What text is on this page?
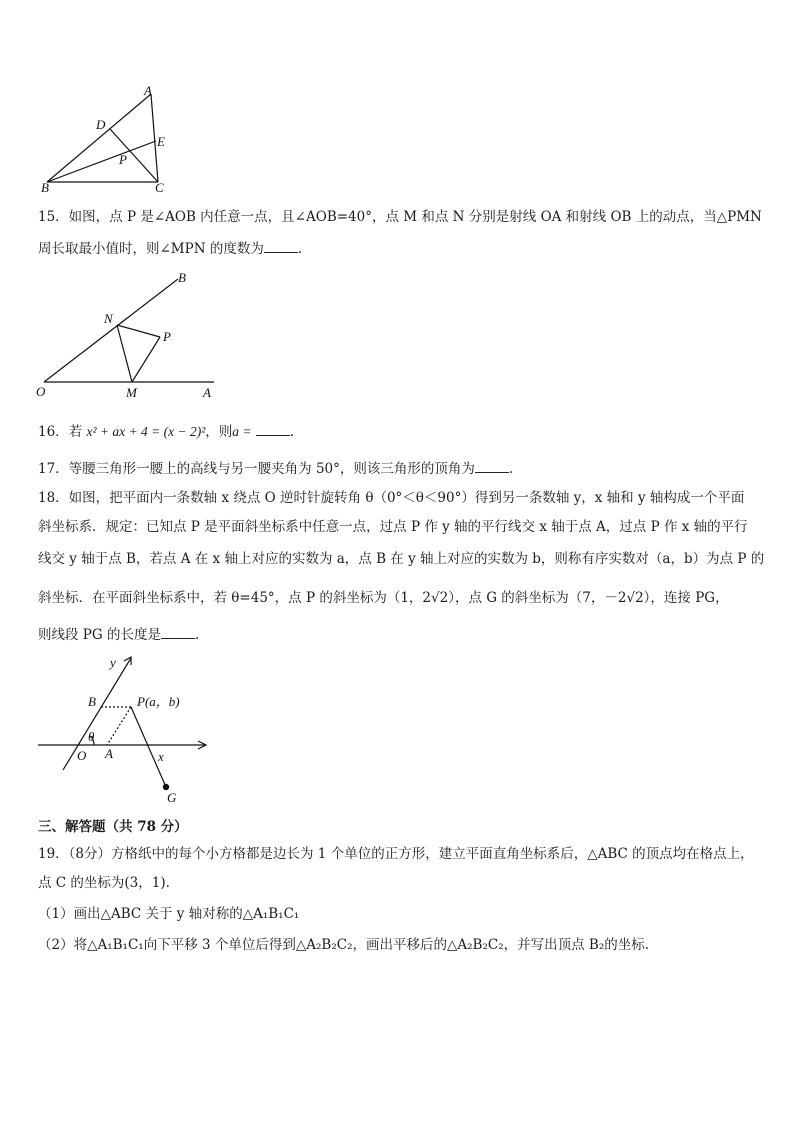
A
D
E
P
B	C
15．如图，点 P 是∠AOB 内任意一点，且∠AOB=40°，点 M 和点 N 分别是射线 OA 和射线 OB 上的动点，当△PMN
周长取最小值时，则∠MPN 的度数为	.
B
N
P
O	M	A
16．若 x² + ax + 4 = (x − 2)²，则a =	.
17．等腰三角形一腰上的高线与另一腰夹角为 50°，则该三角形的顶角为	.
18．如图，把平面内一条数轴 x 绕点 O 逆时针旋转角 θ（0°＜θ＜90°）得到另一条数轴 y，x 轴和 y 轴构成一个平面
斜坐标系．规定：已知点 P 是平面斜坐标系中任意一点，过点 P 作 y 轴的平行线交 x 轴于点 A，过点 P 作 x 轴的平行
线交 y 轴于点 B，若点 A 在 x 轴上对应的实数为 a，点 B 在 y 轴上对应的实数为 b，则称有序实数对（a，b）为点 P 的
斜坐标．在平面斜坐标系中，若 θ=45°，点 P 的斜坐标为（1，2√2），点 G 的斜坐标为（7，－2√2），连接 PG，
则线段 PG 的长度是	.
y
B	P(a，b)
θ
O A	x
G
三、解答题（共 78 分）
19．（8分）方格纸中的每个小方格都是边长为 1 个单位的正方形，建立平面直角坐标系后，△ABC 的顶点均在格点上，
点 C 的坐标为(3，1).
（1）画出△ABC 关于 y 轴对称的△A₁B₁C₁
（2）将△A₁B₁C₁向下平移 3 个单位后得到△A₂B₂C₂，画出平移后的△A₂B₂C₂，并写出顶点 B₂的坐标.
